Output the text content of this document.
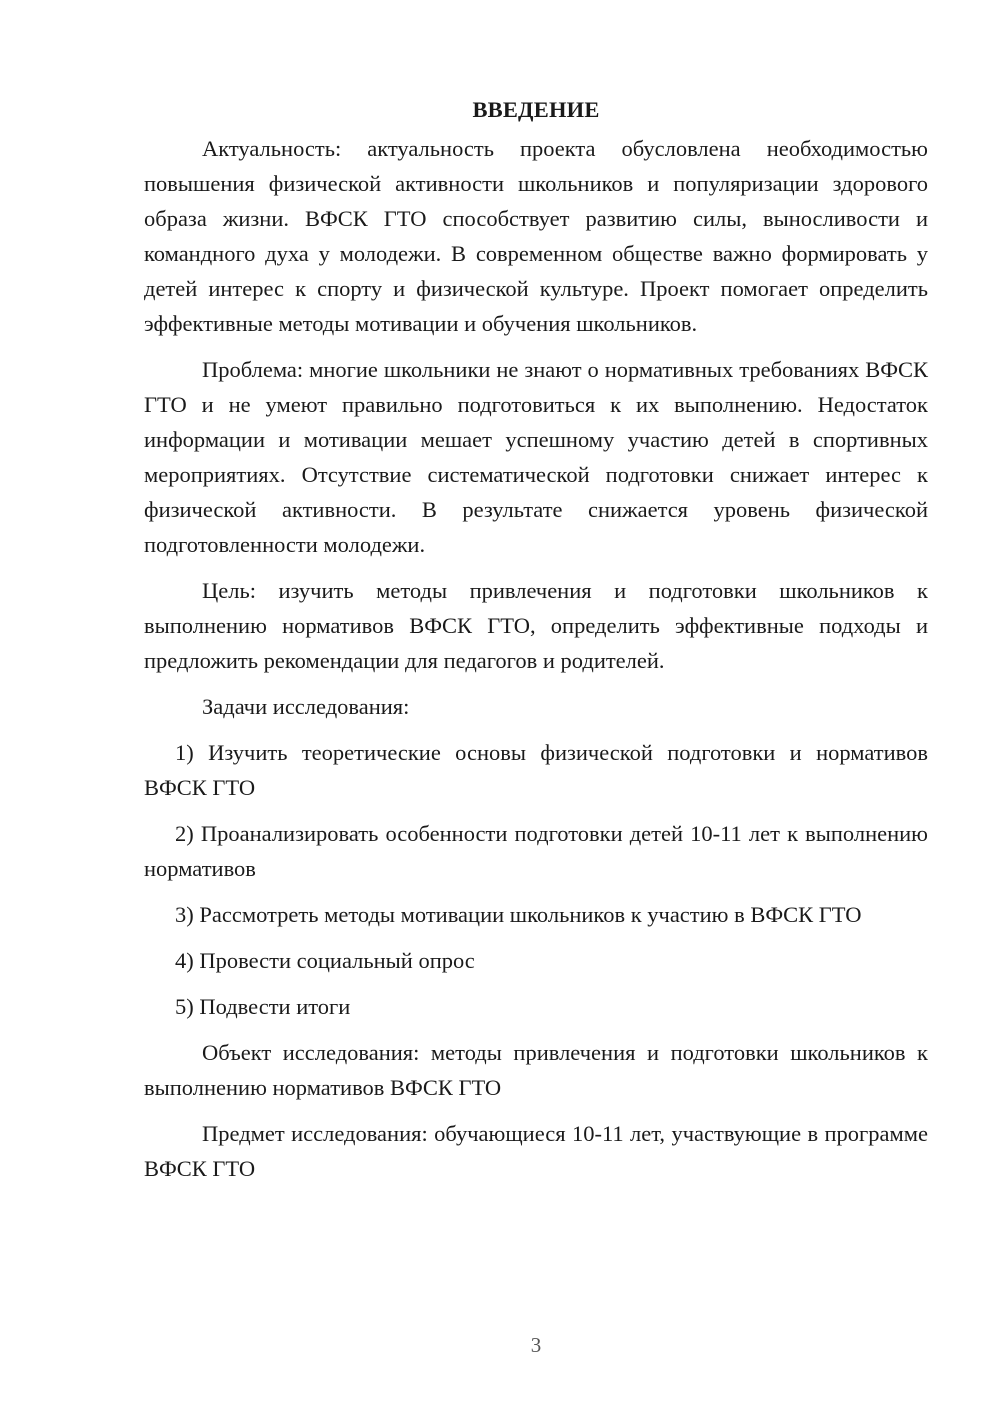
ВВЕДЕНИЕ

Актуальность: актуальность проекта обусловлена необходимостью повышения физической активности школьников и популяризации здорового образа жизни. ВФСК ГТО способствует развитию силы, выносливости и командного духа у молодежи. В современном обществе важно формировать у детей интерес к спорту и физической культуре. Проект помогает определить эффективные методы мотивации и обучения школьников.

Проблема: многие школьники не знают о нормативных требованиях ВФСК ГТО и не умеют правильно подготовиться к их выполнению. Недостаток информации и мотивации мешает успешному участию детей в спортивных мероприятиях. Отсутствие систематической подготовки снижает интерес к физической активности. В результате снижается уровень физической подготовленности молодежи.

Цель: изучить методы привлечения и подготовки школьников к выполнению нормативов ВФСК ГТО, определить эффективные подходы и предложить рекомендации для педагогов и родителей.

Задачи исследования:

1) Изучить теоретические основы физической подготовки и нормативов ВФСК ГТО

2) Проанализировать особенности подготовки детей 10-11 лет к выполнению нормативов

3) Рассмотреть методы мотивации школьников к участию в ВФСК ГТО

4) Провести социальный опрос

5) Подвести итоги

Объект исследования: методы привлечения и подготовки школьников к выполнению нормативов ВФСК ГТО

Предмет исследования: обучающиеся 10-11 лет, участвующие в программе ВФСК ГТО

3
